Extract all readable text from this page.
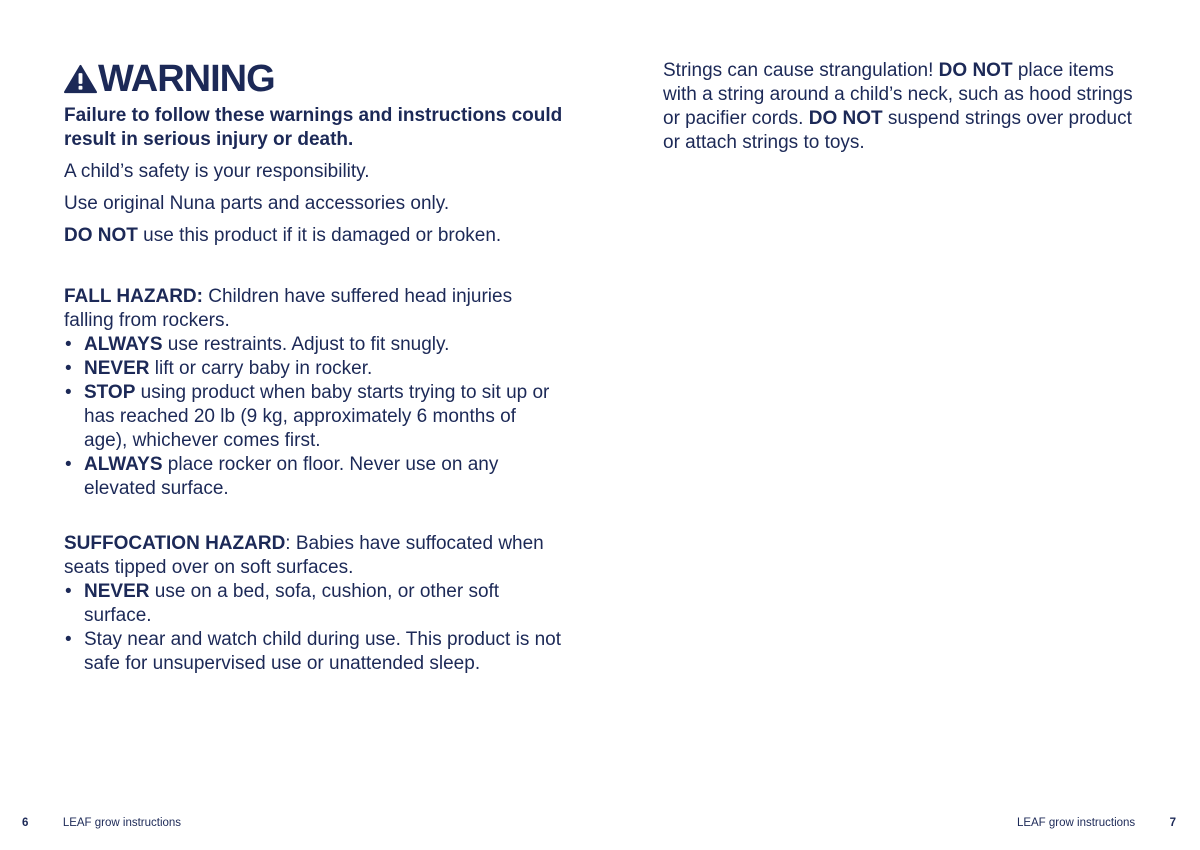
WARNING

Failure to follow these warnings and instructions could result in serious injury or death.

A child’s safety is your responsibility.

Use original Nuna parts and accessories only.

DO NOT use this product if it is damaged or broken.

FALL HAZARD: Children have suffered head injuries falling from rockers.

• ALWAYS use restraints. Adjust to fit snugly.
• NEVER lift or carry baby in rocker.
• STOP using product when baby starts trying to sit up or has reached 20 lb (9 kg, approximately 6 months of age), whichever comes first.
• ALWAYS place rocker on floor. Never use on any elevated surface.

SUFFOCATION HAZARD: Babies have suffocated when seats tipped over on soft surfaces.

• NEVER use on a bed, sofa, cushion, or other soft surface.
• Stay near and watch child during use. This product is not safe for unsupervised use or unattended sleep.
6	LEAF grow instructions

Strings can cause strangulation! DO NOT place items with a string around a child’s neck, such as hood strings or pacifier cords. DO NOT suspend strings over product or attach strings to toys.

LEAF grow instructions	7
